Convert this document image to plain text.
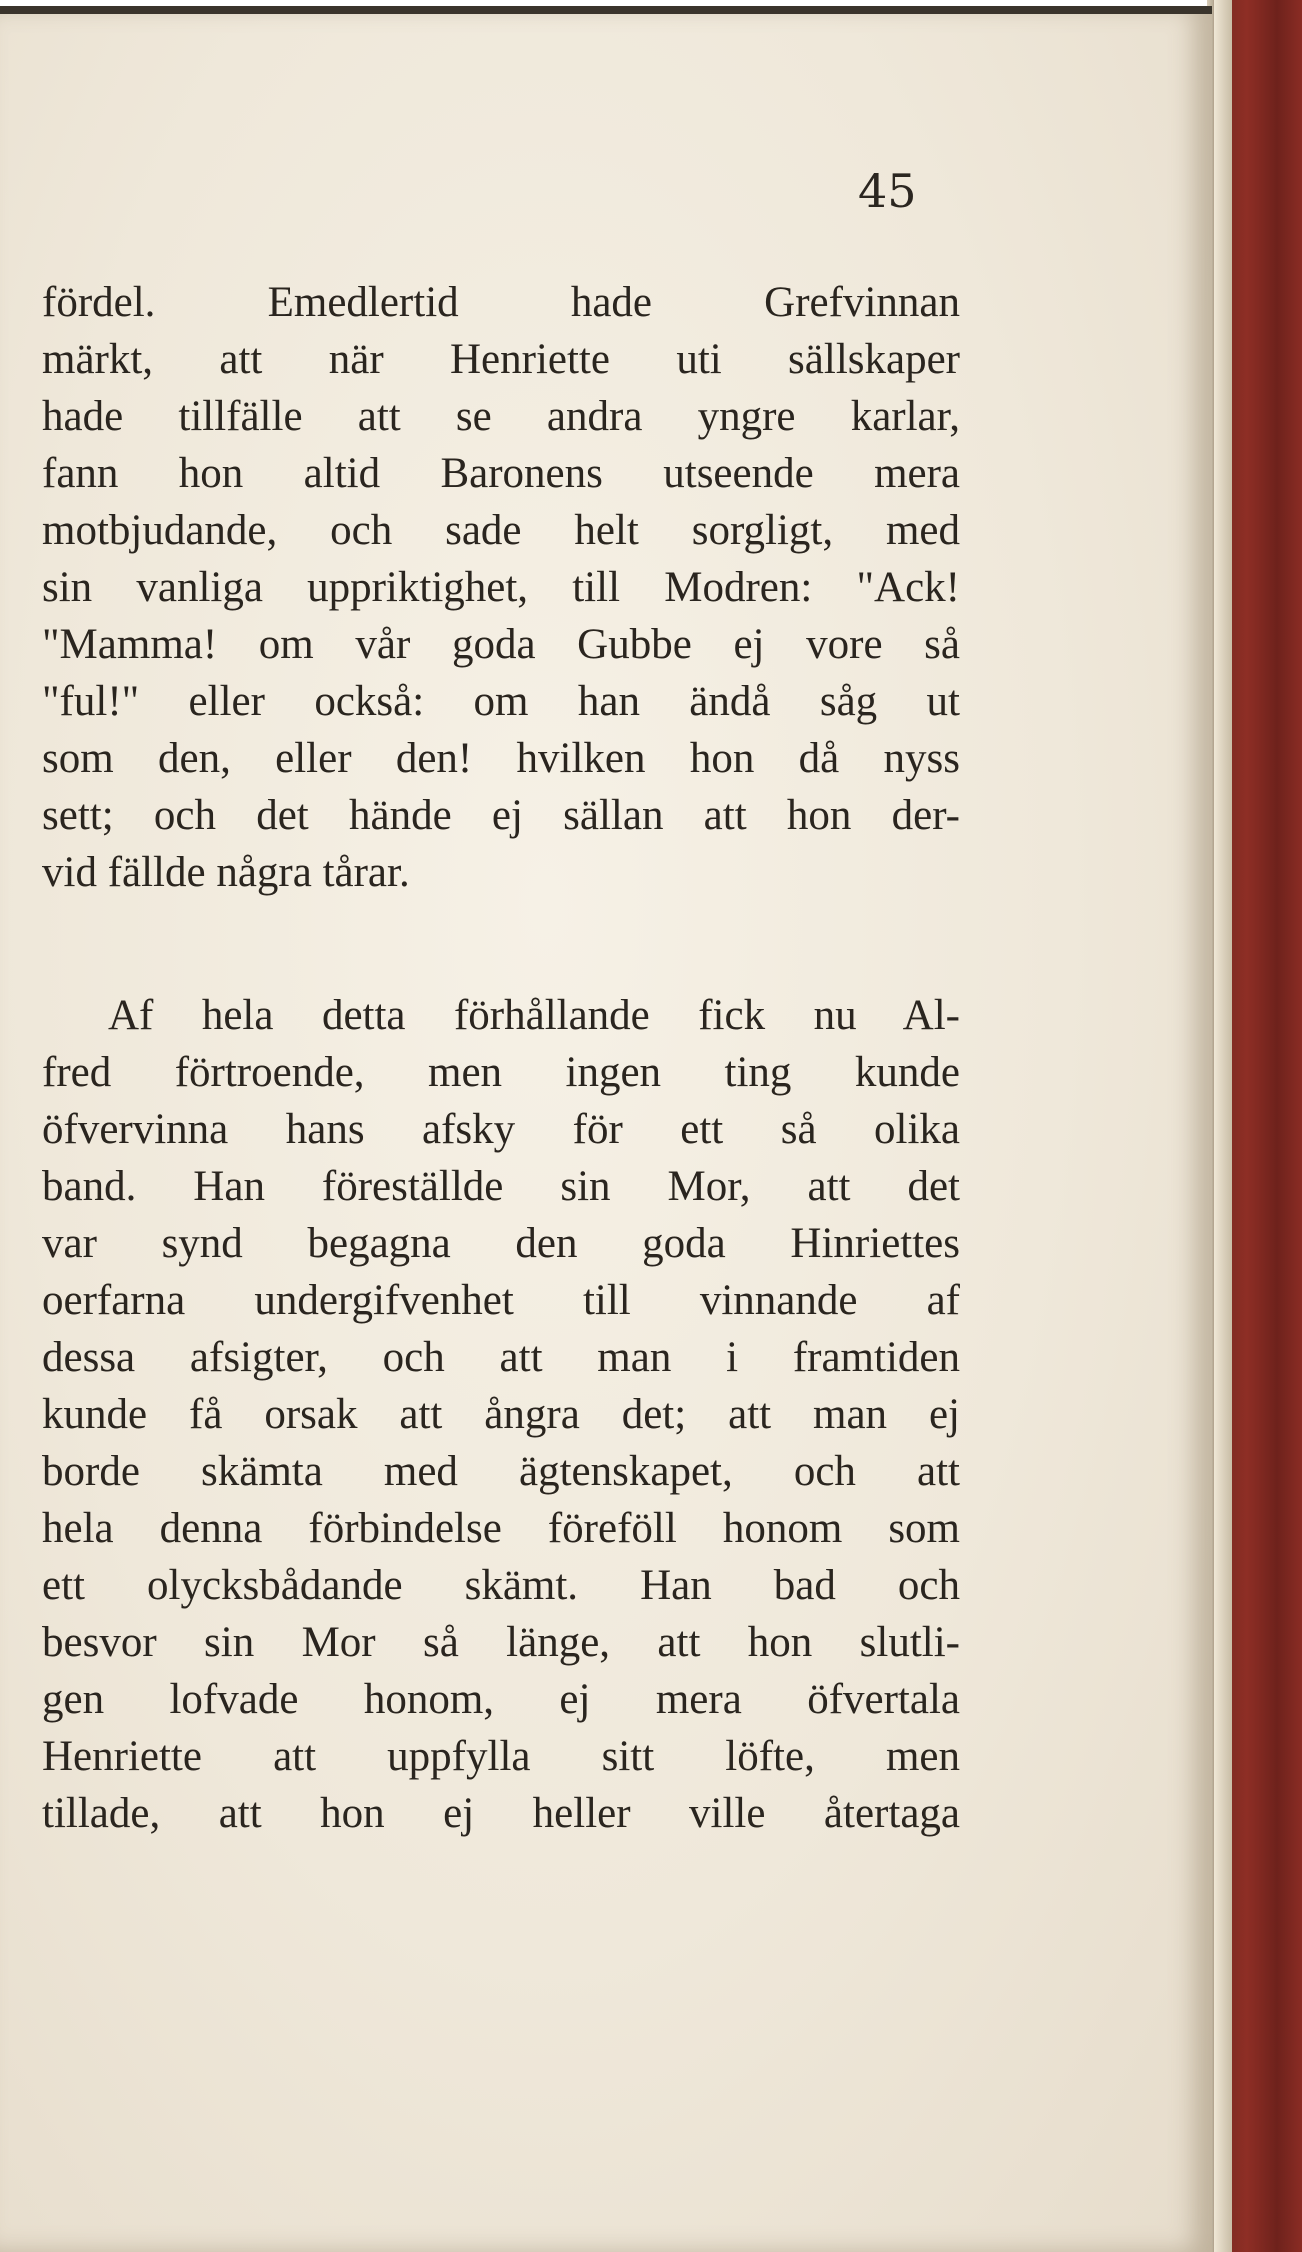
45
fördel. Emedlertid hade Grefvinnan
märkt, att när Henriette uti sällskaper
hade tillfälle att se andra yngre karlar,
fann hon altid Baronens utseende mera
motbjudande, och sade helt sorgligt, med
sin vanliga uppriktighet, till Modren: "Ack!
"Mamma! om vår goda Gubbe ej vore så
"ful!" eller också: om han ändå såg ut
som den, eller den! hvilken hon då nyss
sett; och det hände ej sällan att hon der-
vid fällde några tårar.
Af hela detta förhållande fick nu Al-
fred förtroende, men ingen ting kunde
öfvervinna hans afsky för ett så olika
band. Han föreställde sin Mor, att det
var synd begagna den goda Hinriettes
oerfarna undergifvenhet till vinnande af
dessa afsigter, och att man i framtiden
kunde få orsak att ångra det; att man ej
borde skämta med ägtenskapet, och att
hela denna förbindelse föreföll honom som
ett olycksbådande skämt. Han bad och
besvor sin Mor så länge, att hon slutli-
gen lofvade honom, ej mera öfvertala
Henriette att uppfylla sitt löfte, men
tillade, att hon ej heller ville återtaga
